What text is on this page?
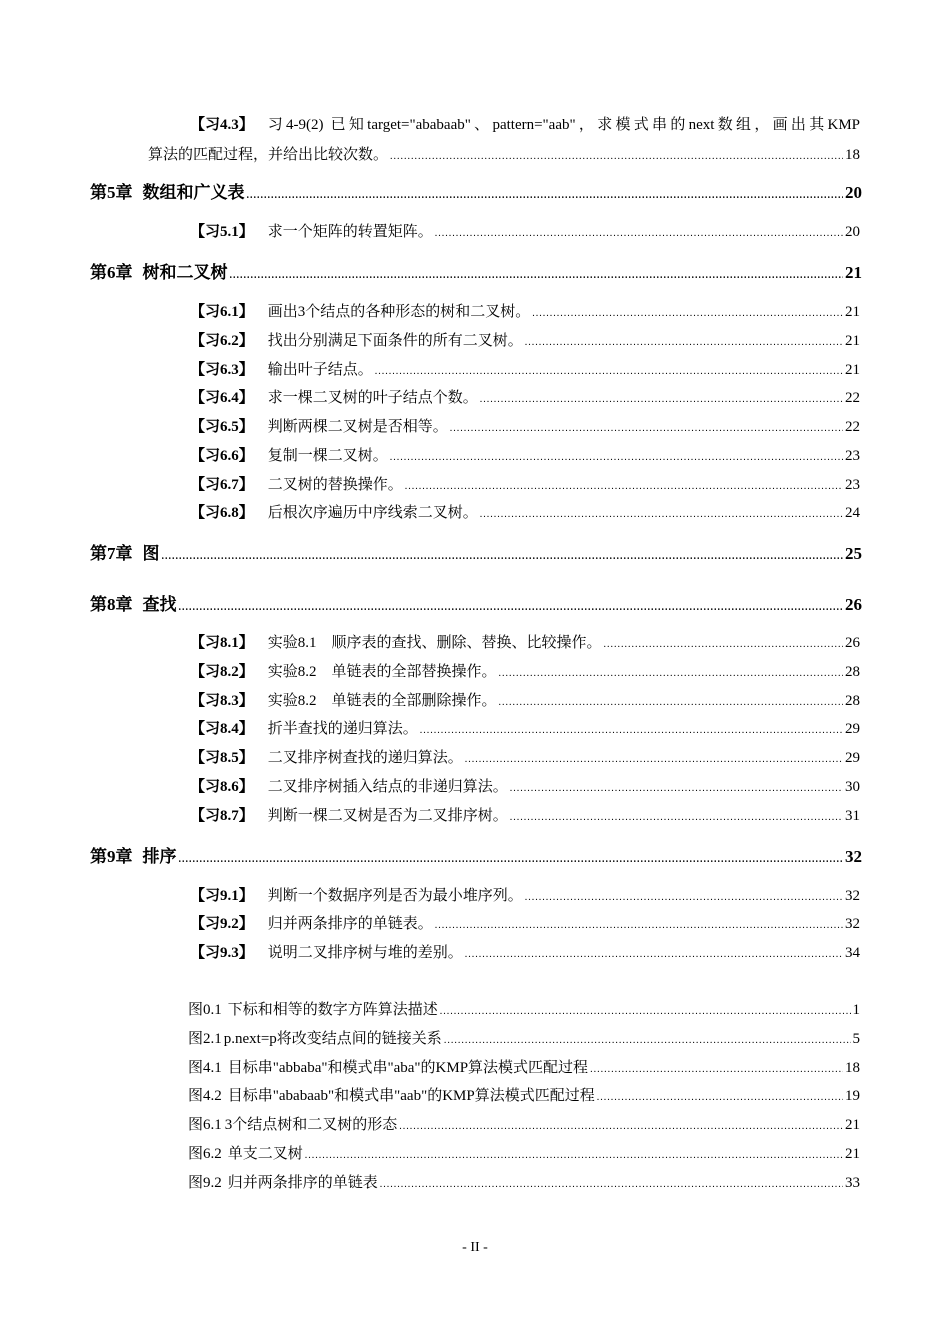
【习4.3】 习4-9(2) 已知target="ababaab"、pattern="aab"，求模式串的next数组，画出其KMP
算法的匹配过程，并给出比较次数。 .....	18
第5章 数组和广义表 .....	20
【习5.1】 求一个矩阵的转置矩阵。 .....	20
第6章 树和二叉树 .....	21
【习6.1】 画出3个结点的各种形态的树和二叉树。 .....	21
【习6.2】 找出分别满足下面条件的所有二叉树。 .....	21
【习6.3】 输出叶子结点。 .....	21
【习6.4】 求一棵二叉树的叶子结点个数。 .....	22
【习6.5】 判断两棵二叉树是否相等。 .....	22
【习6.6】 复制一棵二叉树。 .....	23
【习6.7】 二叉树的替换操作。 .....	23
【习6.8】 后根次序遍历中序线索二叉树。 .....	24
第7章 图 .....	25
第8章 查找 .....	26
【习8.1】 实验8.1    顺序表的查找、删除、替换、比较操作。 .....	26
【习8.2】 实验8.2    单链表的全部替换操作。 .....	28
【习8.3】 实验8.2    单链表的全部删除操作。 .....	28
【习8.4】 折半查找的递归算法。 .....	29
【习8.5】 二叉排序树查找的递归算法。 .....	29
【习8.6】 二叉排序树插入结点的非递归算法。 .....	30
【习8.7】 判断一棵二叉树是否为二叉排序树。 .....	31
第9章 排序 .....	32
【习9.1】 判断一个数据序列是否为最小堆序列。 .....	32
【习9.2】 归并两条排序的单链表。 .....	32
【习9.3】 说明二叉排序树与堆的差别。 .....	34
图0.1 下标和相等的数字方阵算法描述 .....	1
图2.1 p.next=p将改变结点间的链接关系 .....	5
图4.1 目标串"abbaba"和模式串"aba"的KMP算法模式匹配过程 .....	18
图4.2 目标串"ababaab"和模式串"aab"的KMP算法模式匹配过程 .....	19
图6.1 3个结点树和二叉树的形态 .....	21
图6.2 单支二叉树 .....	21
图9.2 归并两条排序的单链表 .....	33
- II -
